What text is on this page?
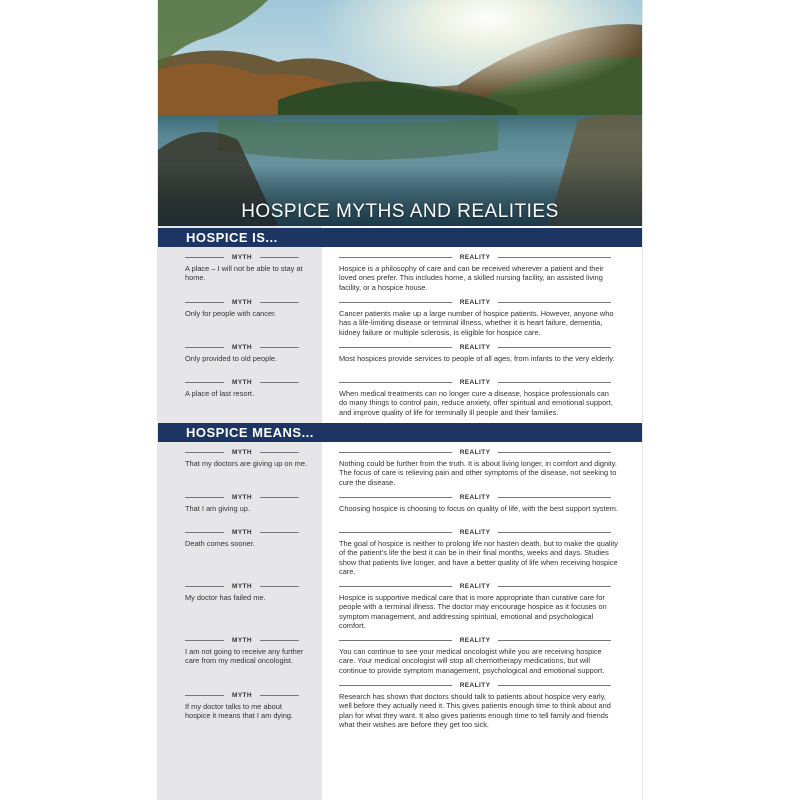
HOSPICE MYTHS AND REALITIES
HOSPICE IS...
MYTH
A place – I will not be able to stay at home.
REALITY
Hospice is a philosophy of care and can be received wherever a patient and their loved ones prefer. This includes home, a skilled nursing facility, an assisted living facility, or a hospice house.
MYTH
Only for people with cancer.
REALITY
Cancer patients make up a large number of hospice patients. However, anyone who has a life-limiting disease or terminal illness, whether it is heart failure, dementia, kidney failure or multiple sclerosis, is eligible for hospice care.
MYTH
Only provided to old people.
REALITY
Most hospices provide services to people of all ages, from infants to the very elderly.
MYTH
A place of last resort.
REALITY
When medical treatments can no longer cure a disease, hospice professionals can do many things to control pain, reduce anxiety, offer spiritual and emotional support, and improve quality of life for terminally ill people and their families.
HOSPICE MEANS...
MYTH
That my doctors are giving up on me.
REALITY
Nothing could be further from the truth. It is about living longer, in comfort and dignity. The focus of care is relieving pain and other symptoms of the disease, not seeking to cure the disease.
MYTH
That I am giving up.
REALITY
Choosing hospice is choosing to focus on quality of life, with the best support system.
MYTH
Death comes sooner.
REALITY
The goal of hospice is neither to prolong life nor hasten death, but to make the quality of the patient’s life the best it can be in their final months, weeks and days. Studies show that patients live longer, and have a better quality of life when receiving hospice care.
MYTH
My doctor has failed me.
REALITY
Hospice is supportive medical care that is more appropriate than curative care for people with a terminal illness. The doctor may encourage hospice as it focuses on symptom management, and addressing spiritual, emotional and psychological comfort.
MYTH
I am not going to receive any further care from my medical oncologist.
REALITY
You can continue to see your medical oncologist while you are receiving hospice care. Your medical oncologist will stop all chemotherapy medications, but will continue to provide symptom management, psychological and emotional support.
MYTH
If my doctor talks to me about hospice it means that I am dying.
REALITY
Research has shown that doctors should talk to patients about hospice very early, well before they actually need it. This gives patients enough time to think about and plan for what they want. It also gives patients enough time to tell family and friends what their wishes are before they get too sick.
